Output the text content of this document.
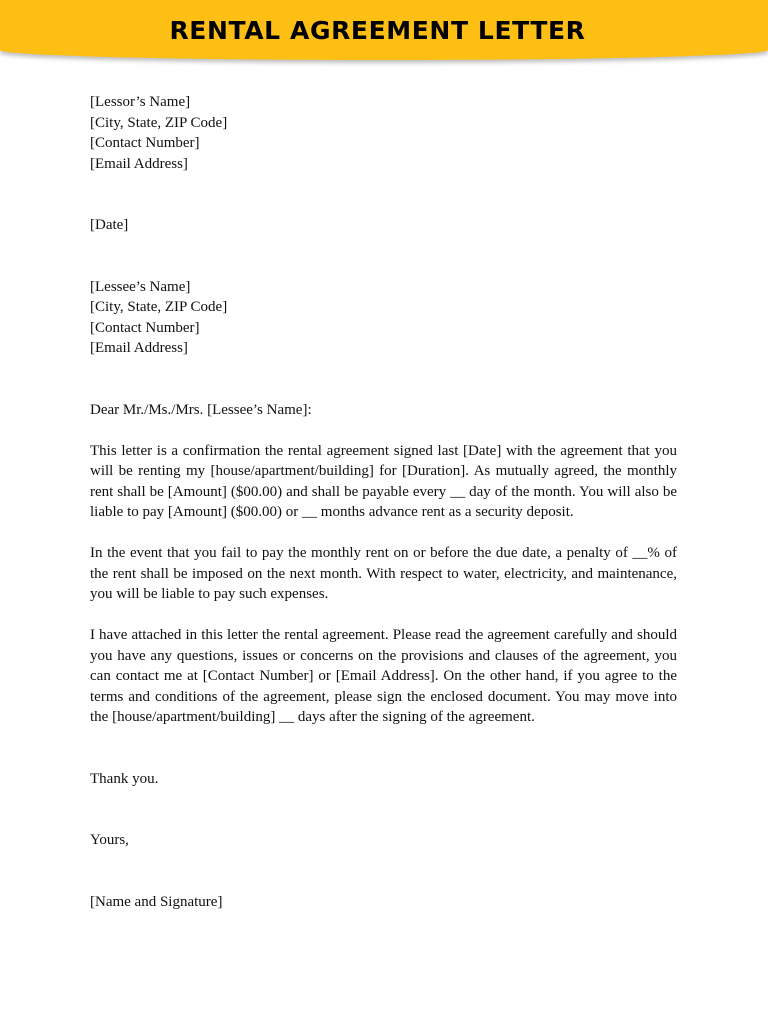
RENTAL AGREEMENT LETTER
[Lessor’s Name]
[City, State, ZIP Code]
[Contact Number]
[Email Address]
[Date]
[Lessee’s Name]
[City, State, ZIP Code]
[Contact Number]
[Email Address]
Dear Mr./Ms./Mrs. [Lessee’s Name]:

This letter is a confirmation the rental agreement signed last [Date] with the agreement that you will be renting my [house/apartment/building] for [Duration]. As mutually agreed, the monthly rent shall be [Amount] ($00.00) and shall be payable every __ day of the month. You will also be liable to pay [Amount] ($00.00) or __ months advance rent as a security deposit.

In the event that you fail to pay the monthly rent on or before the due date, a penalty of __% of the rent shall be imposed on the next month. With respect to water, electricity, and maintenance, you will be liable to pay such expenses.

I have attached in this letter the rental agreement. Please read the agreement carefully and should you have any questions, issues or concerns on the provisions and clauses of the agreement, you can contact me at [Contact Number] or [Email Address]. On the other hand, if you agree to the terms and conditions of the agreement, please sign the enclosed document. You may move into the [house/apartment/building] __ days after the signing of the agreement.

Thank you.
Yours,
[Name and Signature]
